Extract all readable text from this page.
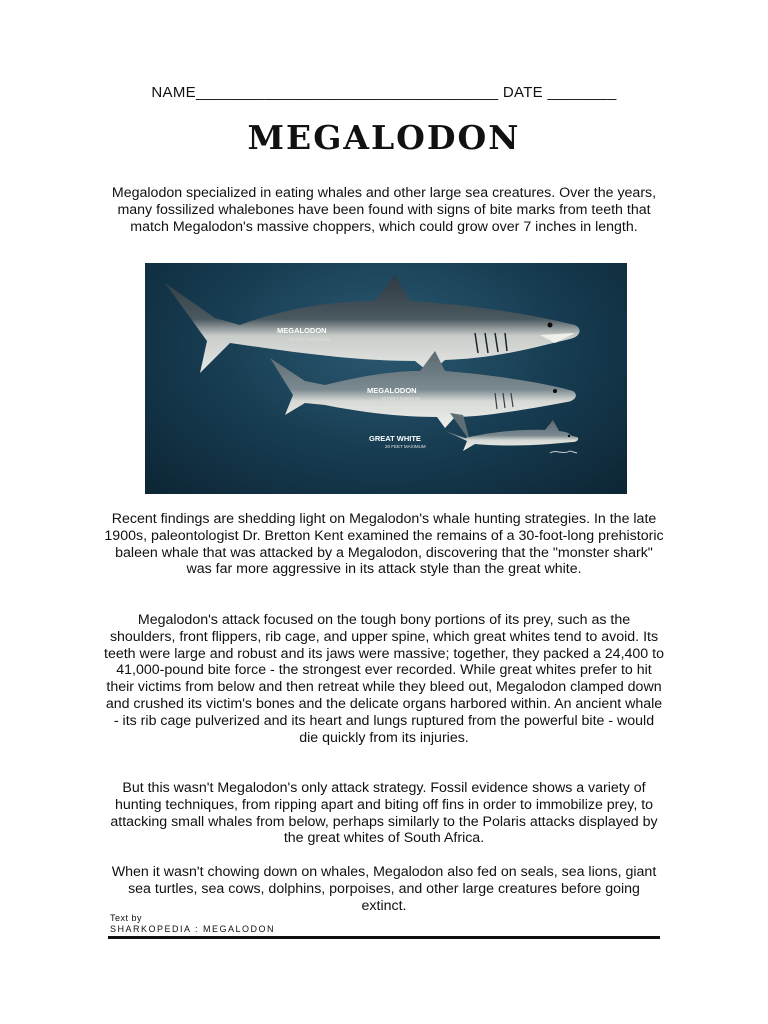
NAME___________________________________ DATE ________
MEGALODON
Megalodon specialized in eating whales and other large sea creatures. Over the years, many fossilized whalebones have been found with signs of bite marks from teeth that match Megalodon's massive choppers, which could grow over 7 inches in length.
MEGALODON
59 FEET MAXIMUM
MEGALODON
40 FEET MINIMUM
GREAT WHITE
20 FEET MAXIMUM
Recent findings are shedding light on Megalodon's whale hunting strategies. In the late 1900s, paleontologist Dr. Bretton Kent examined the remains of a 30-foot-long prehistoric baleen whale that was attacked by a Megalodon, discovering that the "monster shark" was far more aggressive in its attack style than the great white.
Megalodon's attack focused on the tough bony portions of its prey, such as the shoulders, front flippers, rib cage, and upper spine, which great whites tend to avoid. Its teeth were large and robust and its jaws were massive; together, they packed a 24,400 to 41,000-pound bite force - the strongest ever recorded. While great whites prefer to hit their victims from below and then retreat while they bleed out, Megalodon clamped down and crushed its victim's bones and the delicate organs harbored within. An ancient whale - its rib cage pulverized and its heart and lungs ruptured from the powerful bite - would die quickly from its injuries.
But this wasn't Megalodon's only attack strategy. Fossil evidence shows a variety of hunting techniques, from ripping apart and biting off fins in order to immobilize prey, to attacking small whales from below, perhaps similarly to the Polaris attacks displayed by the great whites of South Africa.
When it wasn't chowing down on whales, Megalodon also fed on seals, sea lions, giant sea turtles, sea cows, dolphins, porpoises, and other large creatures before going extinct.
Text by
SHARKOPEDIA : MEGALODON
